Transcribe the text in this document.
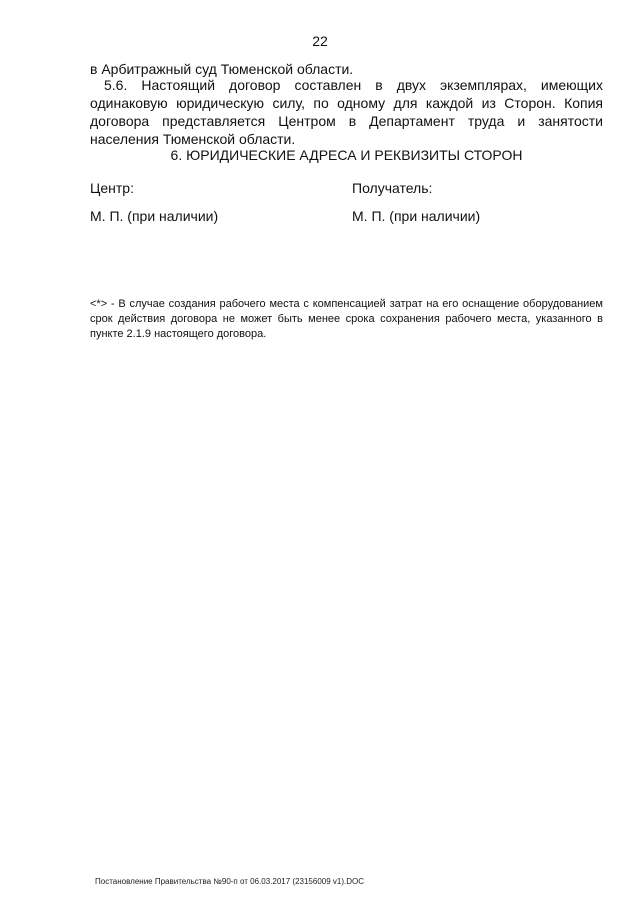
22

в Арбитражный суд Тюменской области.

5.6. Настоящий договор составлен в двух экземплярах, имеющих одинаковую юридическую силу, по одному для каждой из Сторон. Копия договора представляется Центром в Департамент труда и занятости населения Тюменской области.

6. ЮРИДИЧЕСКИЕ АДРЕСА И РЕКВИЗИТЫ СТОРОН

Центр:	Получатель:

М. П. (при наличии)	М. П. (при наличии)

<*> - В случае создания рабочего места с компенсацией затрат на его оснащение оборудованием срок действия договора не может быть менее срока сохранения рабочего места, указанного в пункте 2.1.9 настоящего договора.

Постановление Правительства №90-п от 06.03.2017 (23156009 v1).DOC
